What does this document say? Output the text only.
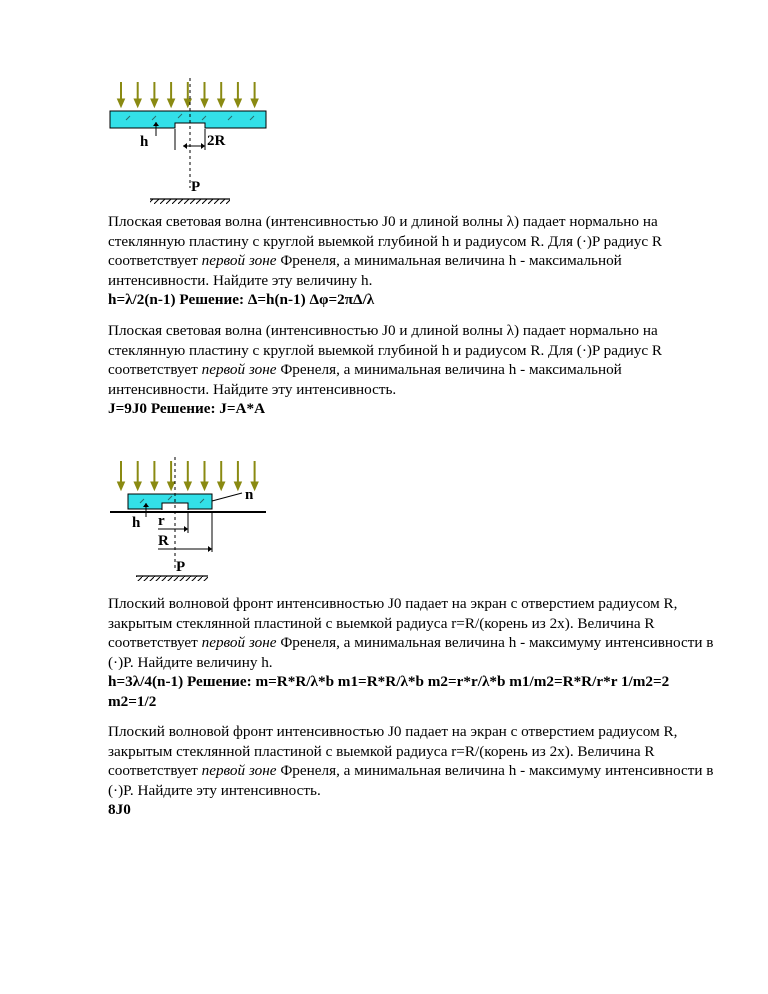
h	2R
P

Плоская световая волна (интенсивностью J0 и длиной волны λ) падает нормально на стеклянную пластину с круглой выемкой глубиной h и радиусом R. Для (·)P радиус R соответствует первой зоне Френеля, а минимальная величина h - максимальной интенсивности. Найдите эту величину h.

h=λ/2(n-1) Решение: Δ=h(n-1) Δφ=2πΔ/λ

Плоская световая волна (интенсивностью J0 и длиной волны λ) падает нормально на стеклянную пластину с круглой выемкой глубиной h и радиусом R. Для (·)P радиус R соответствует первой зоне Френеля, а минимальная величина h - максимальной интенсивности. Найдите эту интенсивность.

J=9J0 Решение: J=A*A

n
h r
R
P

Плоский волновой фронт интенсивностью J0 падает на экран с отверстием радиусом R, закрытым стеклянной пластиной с выемкой радиуса r=R/(корень из 2х). Величина R соответствует первой зоне Френеля, а минимальная величина h - максимуму интенсивности в (·)P. Найдите величину h.

h=3λ/4(n-1) Решение: m=R*R/λ*b m1=R*R/λ*b m2=r*r/λ*b m1/m2=R*R/r*r 1/m2=2 m2=1/2

Плоский волновой фронт интенсивностью J0 падает на экран с отверстием радиусом R, закрытым стеклянной пластиной с выемкой радиуса r=R/(корень из 2х). Величина R соответствует первой зоне Френеля, а минимальная величина h - максимуму интенсивности в (·)P. Найдите эту интенсивность.

8J0
